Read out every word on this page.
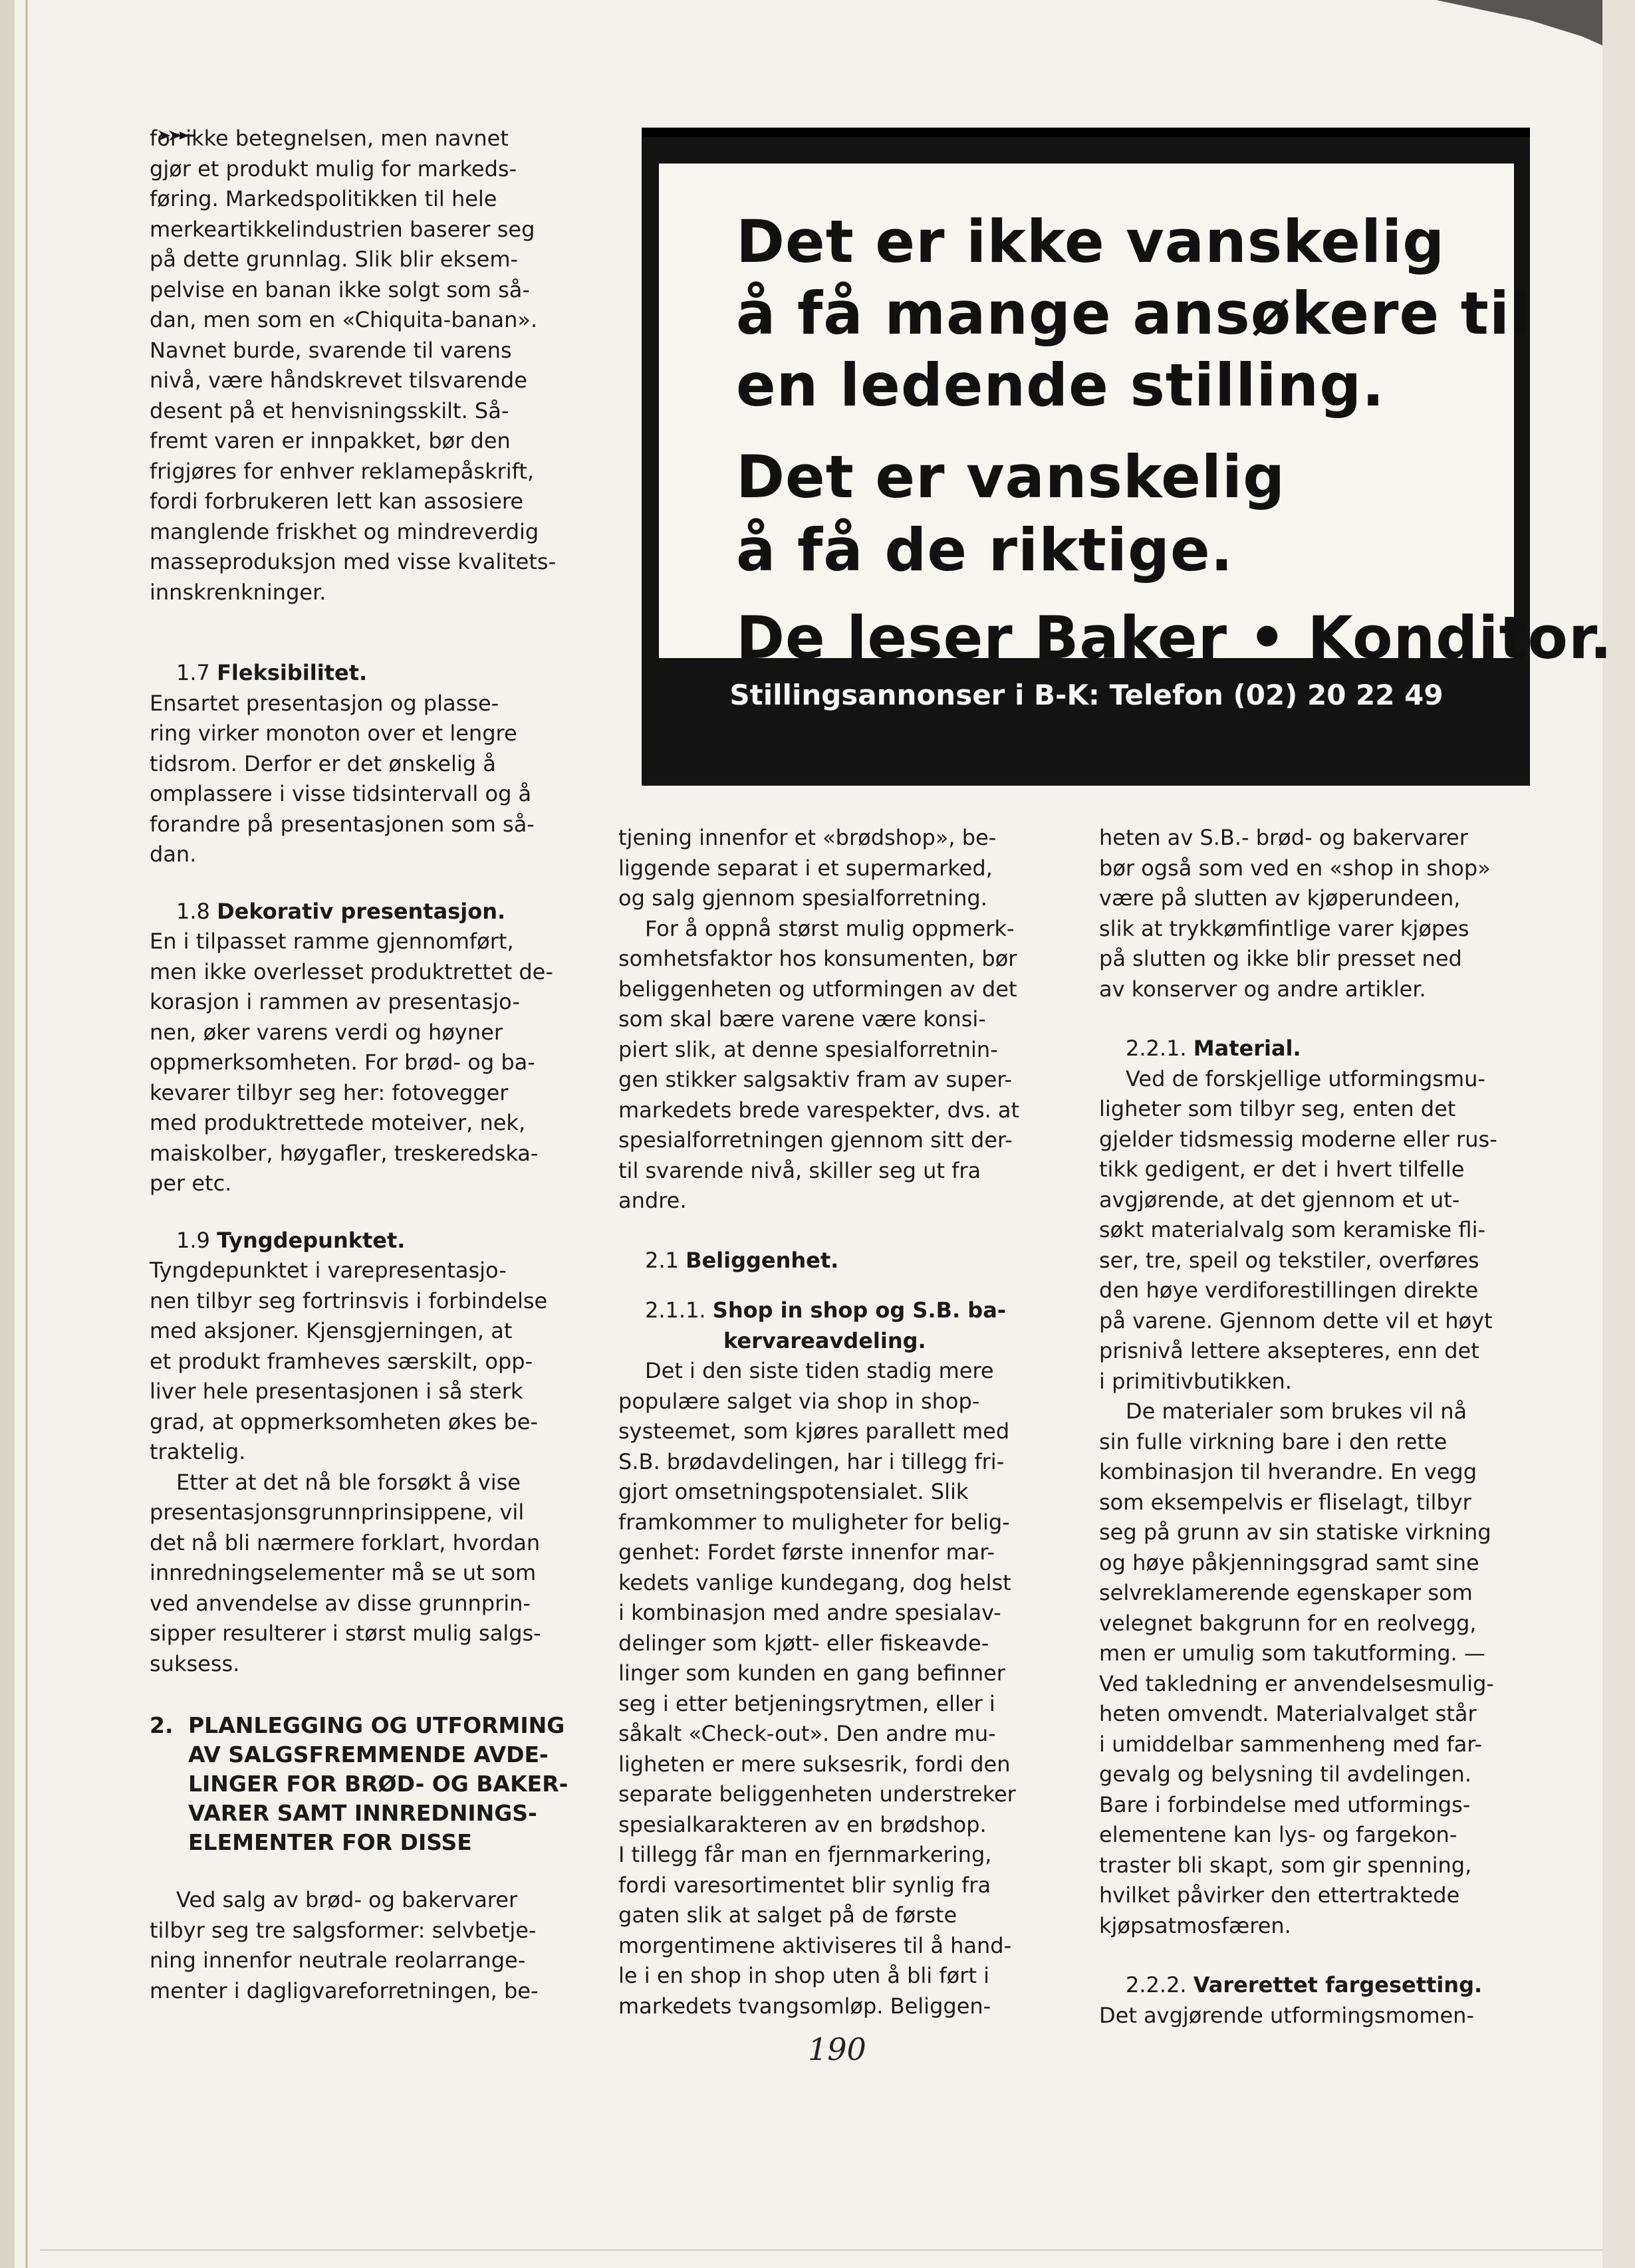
for ikke betegnelsen, men navnet

gjør et produkt mulig for markeds-

føring. Markedspolitikken til hele

merkeartikkelindustrien baserer seg

på dette grunnlag. Slik blir eksem-

pelvise en banan ikke solgt som så-

dan, men som en «Chiquita-banan».

Navnet burde, svarende til varens

nivå, være håndskrevet tilsvarende

desent på et henvisningsskilt. Så-

fremt varen er innpakket, bør den

frigjøres for enhver reklamepåskrift,

fordi forbrukeren lett kan assosiere

manglende friskhet og mindreverdig

masseproduksjon med visse kvalitets-

innskrenkninger.

1.7 Fleksibilitet.

Ensartet presentasjon og plasse-

ring virker monoton over et lengre

tidsrom. Derfor er det ønskelig å

omplassere i visse tidsintervall og å

forandre på presentasjonen som så-

dan.

1.8 Dekorativ presentasjon.

En i tilpasset ramme gjennomført,

men ikke overlesset produktrettet de-

korasjon i rammen av presentasjo-

nen, øker varens verdi og høyner

oppmerksomheten. For brød- og ba-

kevarer tilbyr seg her: fotovegger

med produktrettede moteiver, nek,

maiskolber, høygafler, treskeredska-

per etc.

1.9 Tyngdepunktet.

Tyngdepunktet i varepresentasjo-

nen tilbyr seg fortrinsvis i forbindelse

med aksjoner. Kjensgjerningen, at

et produkt framheves særskilt, opp-

liver hele presentasjonen i så sterk

grad, at oppmerksomheten økes be-

traktelig.

Etter at det nå ble forsøkt å vise

presentasjonsgrunnprinsippene, vil

det nå bli nærmere forklart, hvordan

innredningselementer må se ut som

ved anvendelse av disse grunnprin-

sipper resulterer i størst mulig salgs-

suksess.

2. PLANLEGGING OG UTFORMING
AV SALGSFREMMENDE AVDE-
LINGER FOR BRØD- OG BAKER-
VARER SAMT INNREDNINGS-
ELEMENTER FOR DISSE

Ved salg av brød- og bakervarer

tilbyr seg tre salgsformer: selvbetje-

ning innenfor neutrale reolarrange-

menter i dagligvareforretningen, be-

Det er ikke vanskelig
å få mange ansøkere til
en ledende stilling.
Det er vanskelig
å få de riktige.
De leser Baker • Konditor.
Stillingsannonser i B-K: Telefon (02) 20 22 49

tjening innenfor et «brødshop», be-

liggende separat i et supermarked,

og salg gjennom spesialforretning.

For å oppnå størst mulig oppmerk-

somhetsfaktor hos konsumenten, bør

beliggenheten og utformingen av det

som skal bære varene være konsi-

piert slik, at denne spesialforretnin-

gen stikker salgsaktiv fram av super-

markedets brede varespekter, dvs. at

spesialforretningen gjennom sitt der-

til svarende nivå, skiller seg ut fra

andre.

2.1 Beliggenhet.

2.1.1. Shop in shop og S.B. ba-

kervareavdeling.

Det i den siste tiden stadig mere

populære salget via shop in shop-

systeemet, som kjøres parallett med

S.B. brødavdelingen, har i tillegg fri-

gjort omsetningspotensialet. Slik

framkommer to muligheter for belig-

genhet: Fordet første innenfor mar-

kedets vanlige kundegang, dog helst

i kombinasjon med andre spesialav-

delinger som kjøtt- eller fiskeavde-

linger som kunden en gang befinner

seg i etter betjeningsrytmen, eller i

såkalt «Check-out». Den andre mu-

ligheten er mere suksesrik, fordi den

separate beliggenheten understreker

spesialkarakteren av en brødshop.

I tillegg får man en fjernmarkering,

fordi varesortimentet blir synlig fra

gaten slik at salget på de første

morgentimene aktiviseres til å hand-

le i en shop in shop uten å bli ført i

markedets tvangsomløp. Beliggen-

heten av S.B.- brød- og bakervarer

bør også som ved en «shop in shop»

være på slutten av kjøperundeen,

slik at trykkømfintlige varer kjøpes

på slutten og ikke blir presset ned

av konserver og andre artikler.

2.2.1. Material.

Ved de forskjellige utformingsmu-

ligheter som tilbyr seg, enten det

gjelder tidsmessig moderne eller rus-

tikk gedigent, er det i hvert tilfelle

avgjørende, at det gjennom et ut-

søkt materialvalg som keramiske fli-

ser, tre, speil og tekstiler, overføres

den høye verdiforestillingen direkte

på varene. Gjennom dette vil et høyt

prisnivå lettere aksepteres, enn det

i primitivbutikken.

De materialer som brukes vil nå

sin fulle virkning bare i den rette

kombinasjon til hverandre. En vegg

som eksempelvis er fliselagt, tilbyr

seg på grunn av sin statiske virkning

og høye påkjenningsgrad samt sine

selvreklamerende egenskaper som

velegnet bakgrunn for en reolvegg,

men er umulig som takutforming. —

Ved takledning er anvendelsesmulig-

heten omvendt. Materialvalget står

i umiddelbar sammenheng med far-

gevalg og belysning til avdelingen.

Bare i forbindelse med utformings-

elementene kan lys- og fargekon-

traster bli skapt, som gir spenning,

hvilket påvirker den ettertraktede

kjøpsatmosfæren.

2.2.2. Varerettet fargesetting.

Det avgjørende utformingsmomen-

190
